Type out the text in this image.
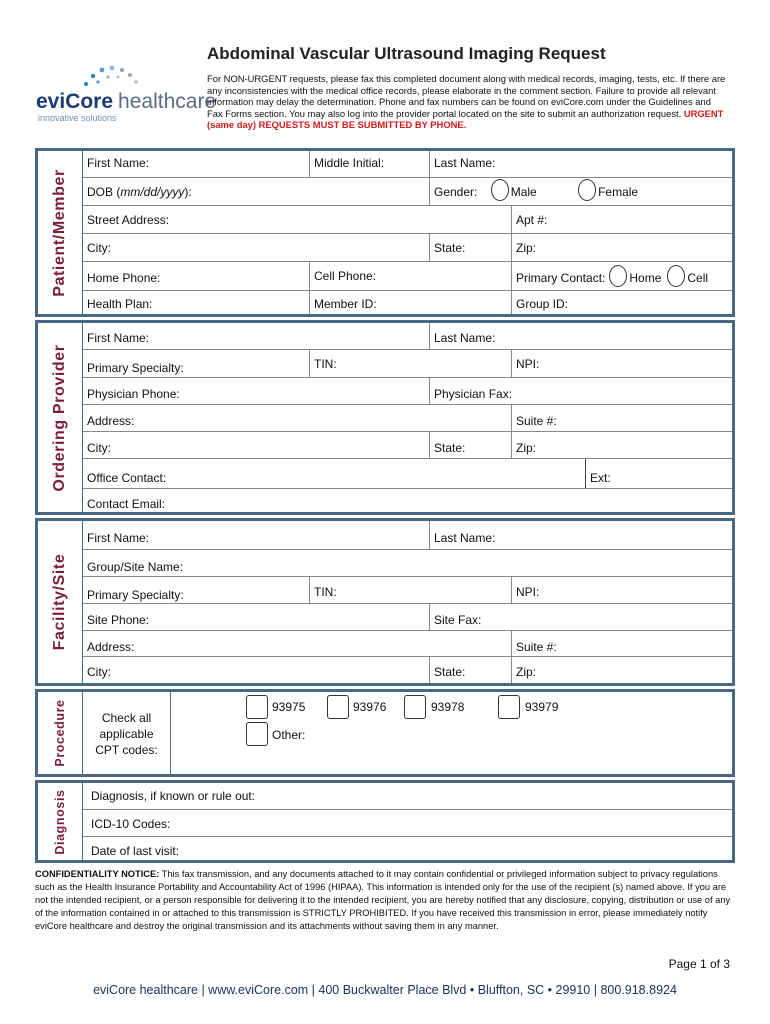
eviCore healthcare
innovative solutions
Abdominal Vascular Ultrasound Imaging Request
For NON-URGENT requests, please fax this completed document along with medical records, imaging, tests, etc. If there are any inconsistencies with the medical office records, please elaborate in the comment section. Failure to provide all relevant information may delay the determination. Phone and fax numbers can be found on eviCore.com under the Guidelines and Fax Forms section. You may also log into the provider portal located on the site to submit an authorization request. URGENT (same day) REQUESTS MUST BE SUBMITTED BY PHONE.
Patient/Member
First Name:	Middle Initial:	Last Name:
DOB (mm/dd/yyyy):	Gender:	Male	Female
Street Address:	Apt #:
City:	State:	Zip:
Home Phone:	Cell Phone:	Primary Contact: Home Cell
Health Plan:	Member ID:	Group ID:
Ordering Provider
First Name:	Last Name:
Primary Specialty:	TIN:	NPI:
Physician Phone:	Physician Fax:
Address:	Suite #:
City:	State:	Zip:
Office Contact:	Ext:
Contact Email:
Facility/Site
First Name:	Last Name:
Group/Site Name:
Primary Specialty:	TIN:	NPI:
Site Phone:	Site Fax:
Address:	Suite #:
City:	State:	Zip:
Procedure	Check all
applicable
CPT codes:
93975	93976	93978	93979
Other:
Diagnosis	Diagnosis, if known or rule out:
ICD-10 Codes:
Date of last visit:
CONFIDENTIALITY NOTICE: This fax transmission, and any documents attached to it may contain confidential or privileged information subject to privacy regulations such as the Health Insurance Portability and Accountability Act of 1996 (HIPAA). This information is intended only for the use of the recipient (s) named above. If you are not the intended recipient, or a person responsible for delivering it to the intended recipient, you are hereby notified that any disclosure, copying, distribution or use of any of the information contained in or attached to this transmission is STRICTLY PROHIBITED. If you have received this transmission in error, please immediately notify eviCore healthcare and destroy the original transmission and its attachments without saving them in any manner.
Page 1 of 3
eviCore healthcare | www.eviCore.com | 400 Buckwalter Place Blvd • Bluffton, SC • 29910 | 800.918.8924
